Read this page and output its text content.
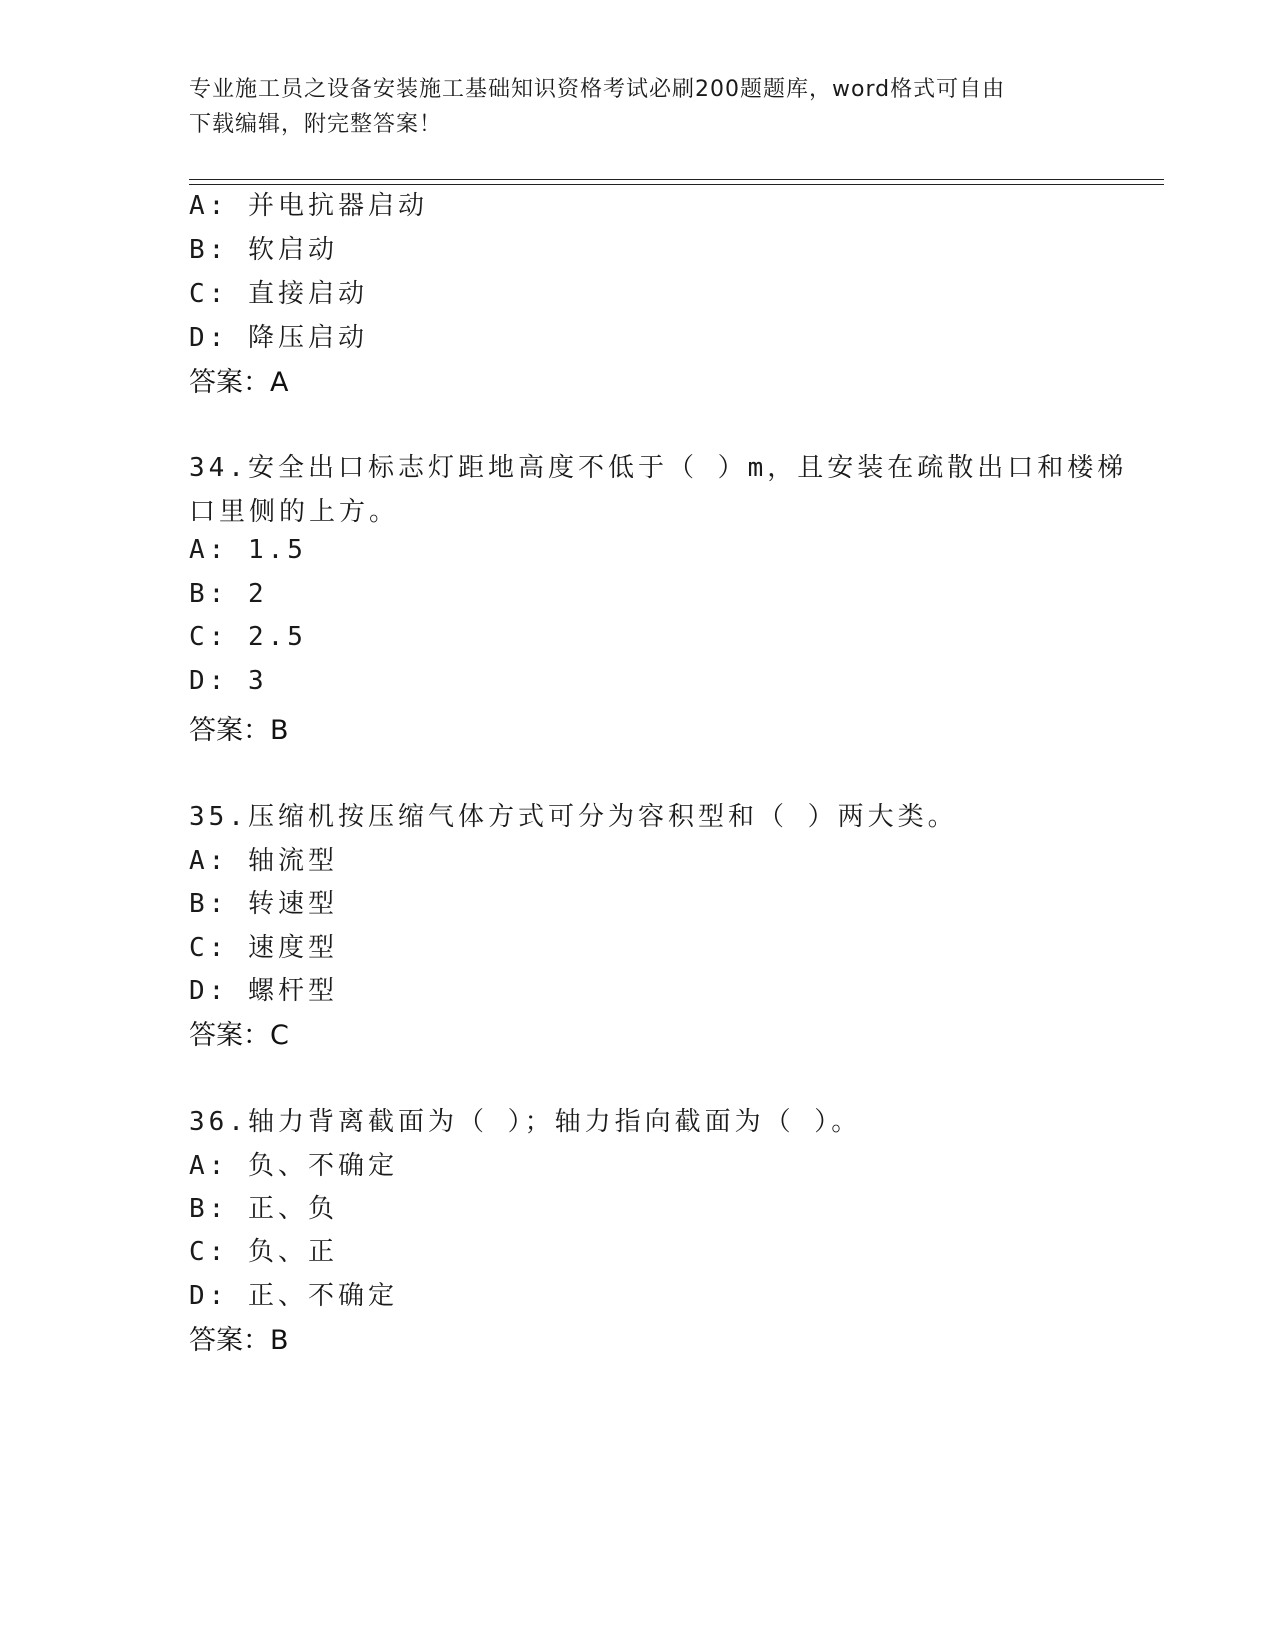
专业施工员之设备安装施工基础知识资格考试必刷200题题库，word格式可自由
下载编辑，附完整答案！
A: 并电抗器启动
B: 软启动
C: 直接启动
D: 降压启动
答案：A
34.安全出口标志灯距地高度不低于（ ）m，且安装在疏散出口和楼梯
口里侧的上方。
A: 1.5
B: 2
C: 2.5
D: 3
答案：B
35.压缩机按压缩气体方式可分为容积型和（ ）两大类。
A: 轴流型
B: 转速型
C: 速度型
D: 螺杆型
答案：C
36.轴力背离截面为（ ）；轴力指向截面为（ ）。
A: 负、不确定
B: 正、负
C: 负、正
D: 正、不确定
答案：B
